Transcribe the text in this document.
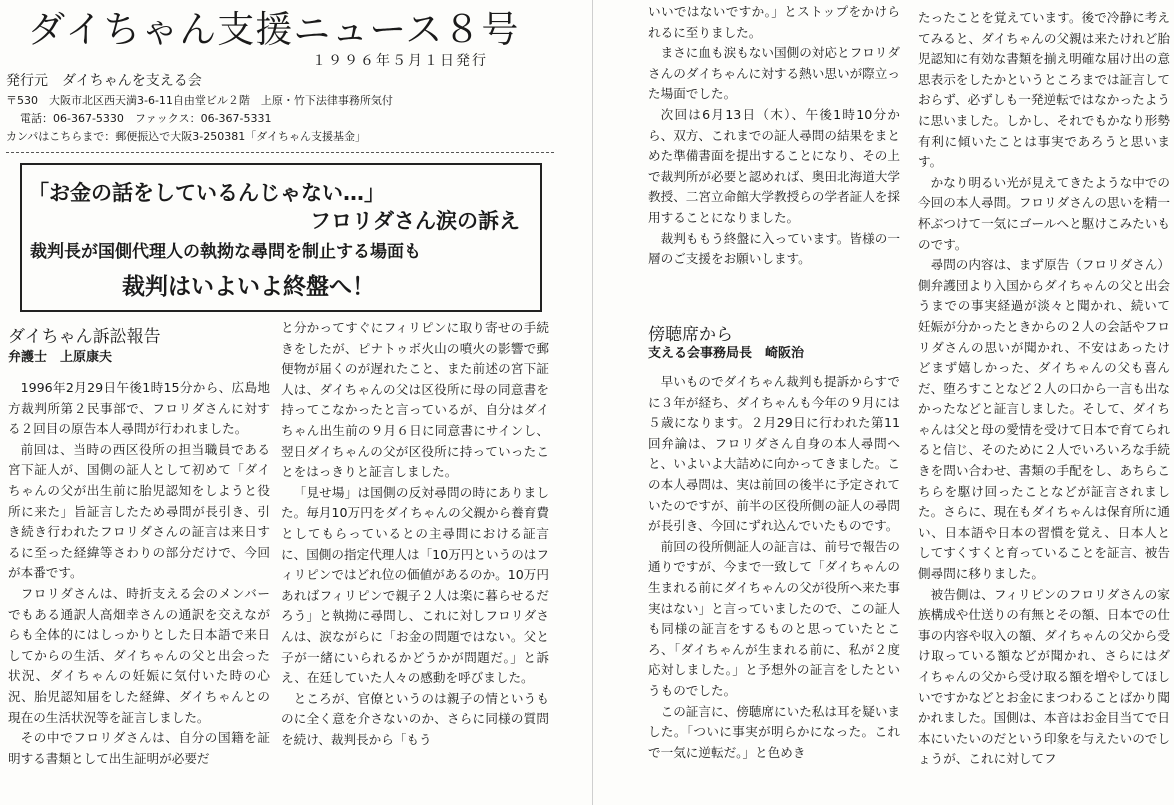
ダイちゃん支援ニュース８号
１９９６年５月１日発行
発行元　ダイちゃんを支える会
〒530　大阪市北区西天満3-6-11自由堂ビル２階　上原・竹下法律事務所気付
電話：06-367-5330　ファックス：06-367-5331
カンパはこちらまで：郵便振込で大阪3-250381「ダイちゃん支援基金」
「お金の話をしているんじゃない…」
フロリダさん涙の訴え
裁判長が国側代理人の執拗な尋問を制止する場面も
裁判はいよいよ終盤へ！
ダイちゃん訴訟報告
弁護士　上原康夫

1996年2月29日午後1時15分から、広島地方裁判所第２民事部で、フロリダさんに対する２回目の原告本人尋問が行われました。

前回は、当時の西区役所の担当職員である宮下証人が、国側の証人として初めて「ダイちゃんの父が出生前に胎児認知をしようと役所に来た」旨証言したため尋問が長引き、引き続き行われたフロリダさんの証言は来日するに至った経緯等さわりの部分だけで、今回が本番です。

フロリダさんは、時折支える会のメンバーでもある通訳人高畑幸さんの通訳を交えながらも全体的にはしっかりとした日本語で来日してからの生活、ダイちゃんの父と出会った状況、ダイちゃんの妊娠に気付いた時の心況、胎児認知届をした経緯、ダイちゃんとの現在の生活状況等を証言しました。

その中でフロリダさんは、自分の国籍を証明する書類として出生証明が必要だ

と分かってすぐにフィリピンに取り寄せの手続きをしたが、ピナトゥボ火山の噴火の影響で郵便物が届くのが遅れたこと、また前述の宮下証人は、ダイちゃんの父は区役所に母の同意書を持ってこなかったと言っているが、自分はダイちゃん出生前の９月６日に同意書にサインし、翌日ダイちゃんの父が区役所に持っていったことをはっきりと証言しました。

「見せ場」は国側の反対尋問の時にありました。毎月10万円をダイちゃんの父親から養育費としてもらっているとの主尋問における証言に、国側の指定代理人は「10万円というのはフィリピンではどれ位の価値があるのか。10万円あればフィリピンで親子２人は楽に暮らせるだろう」と執拗に尋問し、これに対しフロリダさんは、涙ながらに「お金の問題ではない。父と子が一緒にいられるかどうかが問題だ。」と訴え、在廷していた人々の感動を呼びました。

ところが、官僚というのは親子の情というものに全く意を介さないのか、さらに同様の質問を続け、裁判長から「もう

いいではないですか。」とストップをかけられるに至りました。

まさに血も涙もない国側の対応とフロリダさんのダイちゃんに対する熱い思いが際立った場面でした。

次回は6月13日（木）、午後1時10分から、双方、これまでの証人尋問の結果をまとめた準備書面を提出することになり、その上で裁判所が必要と認めれば、奥田北海道大学教授、二宮立命館大学教授らの学者証人を採用することになりました。

裁判ももう終盤に入っています。皆様の一層のご支援をお願いします。

傍聴席から
支える会事務局長　崎阪治

早いものでダイちゃん裁判も提訴からすでに３年が経ち、ダイちゃんも今年の９月には５歳になります。２月29日に行われた第11回弁論は、フロリダさん自身の本人尋問へと、いよいよ大詰めに向かってきました。この本人尋問は、実は前回の後半に予定されていたのですが、前半の区役所側の証人の尋問が長引き、今回にずれ込んでいたものです。

前回の役所側証人の証言は、前号で報告の通りですが、今まで一致して「ダイちゃんの生まれる前にダイちゃんの父が役所へ来た事実はない」と言っていましたので、この証人も同様の証言をするものと思っていたところ、「ダイちゃんが生まれる前に、私が２度応対しました。」と予想外の証言をしたというものでした。

この証言に、傍聴席にいた私は耳を疑いました。「ついに事実が明らかになった。これで一気に逆転だ。」と色めき

たったことを覚えています。後で冷静に考えてみると、ダイちゃんの父親は来たけれど胎児認知に有効な書類を揃え明確な届け出の意思表示をしたかというところまでは証言しておらず、必ずしも一発逆転ではなかったように思いました。しかし、それでもかなり形勢有利に傾いたことは事実であろうと思います。

かなり明るい光が見えてきたような中での今回の本人尋問。フロリダさんの思いを精一杯ぶつけて一気にゴールへと駆けこみたいものです。

尋問の内容は、まず原告（フロリダさん）側弁護団より入国からダイちゃんの父と出会うまでの事実経過が淡々と聞かれ、続いて妊娠が分かったときからの２人の会話やフロリダさんの思いが聞かれ、不安はあったけどまず嬉しかった、ダイちゃんの父も喜んだ、堕ろすことなど２人の口から一言も出なかったなどと証言しました。そして、ダイちゃんは父と母の愛情を受けて日本で育てられると信じ、そのために２人でいろいろな手続きを問い合わせ、書類の手配をし、あちらこちらを駆け回ったことなどが証言されました。さらに、現在もダイちゃんは保育所に通い、日本語や日本の習慣を覚え、日本人としてすくすくと育っていることを証言、被告側尋問に移りました。

被告側は、フィリピンのフロリダさんの家族構成や仕送りの有無とその額、日本での仕事の内容や収入の額、ダイちゃんの父から受け取っている額などが聞かれ、さらにはダイちゃんの父から受け取る額を増やしてほしいですかなどとお金にまつわることばかり聞かれました。国側は、本音はお金目当てで日本にいたいのだという印象を与えたいのでしょうが、これに対してフ
